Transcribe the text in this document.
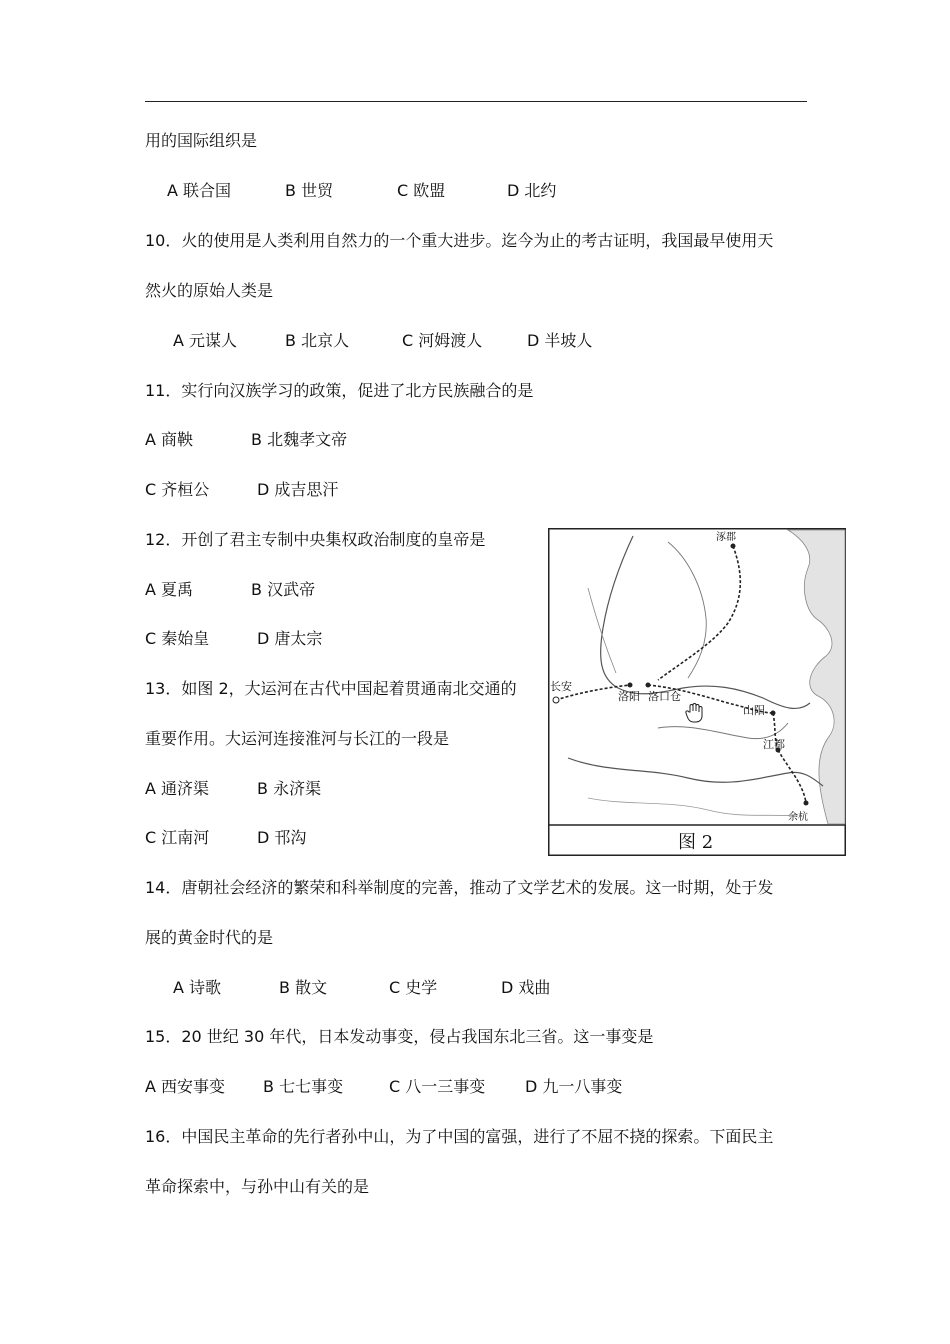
用的国际组织是
A 联合国	B 世贸	C 欧盟	D 北约
10．火的使用是人类利用自然力的一个重大进步。迄今为止的考古证明，我国最早使用天
然火的原始人类是
A 元谋人	B 北京人	C 河姆渡人	D 半坡人
11．实行向汉族学习的政策，促进了北方民族融合的是
A 商鞅	B 北魏孝文帝
C 齐桓公	D 成吉思汗
12．开创了君主专制中央集权政治制度的皇帝是
A 夏禹	B 汉武帝
C 秦始皇	D 唐太宗
13．如图 2，大运河在古代中国起着贯通南北交通的
重要作用。大运河连接淮河与长江的一段是
A 通济渠	B 永济渠
C 江南河	D 邗沟
涿郡
长安
洛阳 洛口仓
山阳
江都
余杭
图 2
14．唐朝社会经济的繁荣和科举制度的完善，推动了文学艺术的发展。这一时期，处于发
展的黄金时代的是
A 诗歌	B 散文	C 史学	D 戏曲
15．20 世纪 30 年代，日本发动事变，侵占我国东北三省。这一事变是
A 西安事变 B 七七事变	C 八一三事变 D 九一八事变
16．中国民主革命的先行者孙中山，为了中国的富强，进行了不屈不挠的探索。下面民主
革命探索中，与孙中山有关的是
